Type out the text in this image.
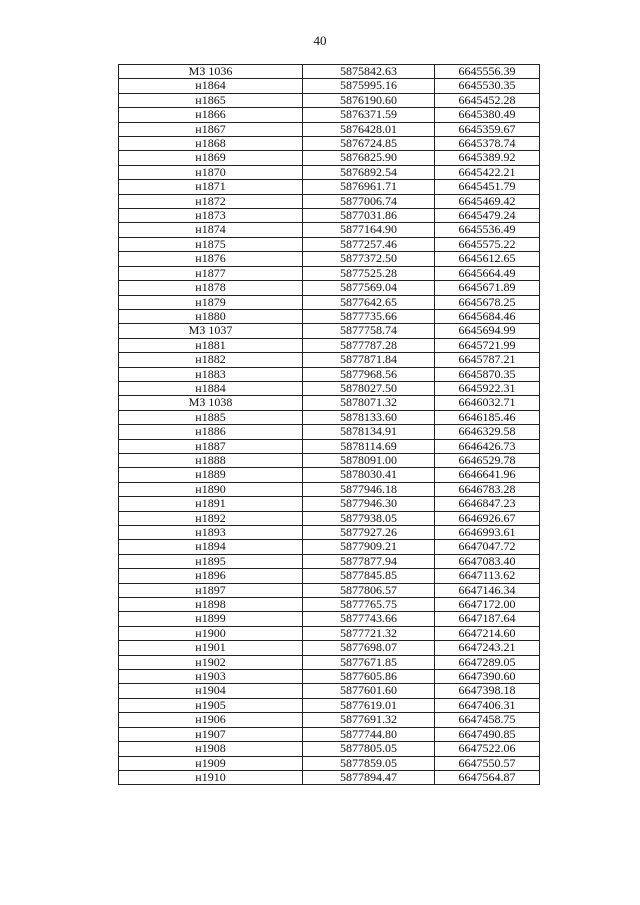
40
МЗ 1036	5875842.63	6645556.39
н1864	5875995.16	6645530.35
н1865	5876190.60	6645452.28
н1866	5876371.59	6645380.49
н1867	5876428.01	6645359.67
н1868	5876724.85	6645378.74
н1869	5876825.90	6645389.92
н1870	5876892.54	6645422.21
н1871	5876961.71	6645451.79
н1872	5877006.74	6645469.42
н1873	5877031.86	6645479.24
н1874	5877164.90	6645536.49
н1875	5877257.46	6645575.22
н1876	5877372.50	6645612.65
н1877	5877525.28	6645664.49
н1878	5877569.04	6645671.89
н1879	5877642.65	6645678.25
н1880	5877735.66	6645684.46
МЗ 1037	5877758.74	6645694.99
н1881	5877787.28	6645721.99
н1882	5877871.84	6645787.21
н1883	5877968.56	6645870.35
н1884	5878027.50	6645922.31
МЗ 1038	5878071.32	6646032.71
н1885	5878133.60	6646185.46
н1886	5878134.91	6646329.58
н1887	5878114.69	6646426.73
н1888	5878091.00	6646529.78
н1889	5878030.41	6646641.96
н1890	5877946.18	6646783.28
н1891	5877946.30	6646847.23
н1892	5877938.05	6646926.67
н1893	5877927.26	6646993.61
н1894	5877909.21	6647047.72
н1895	5877877.94	6647083.40
н1896	5877845.85	6647113.62
н1897	5877806.57	6647146.34
н1898	5877765.75	6647172.00
н1899	5877743.66	6647187.64
н1900	5877721.32	6647214.60
н1901	5877698.07	6647243.21
н1902	5877671.85	6647289.05
н1903	5877605.86	6647390.60
н1904	5877601.60	6647398.18
н1905	5877619.01	6647406.31
н1906	5877691.32	6647458.75
н1907	5877744.80	6647490.85
н1908	5877805.05	6647522.06
н1909	5877859.05	6647550.57
н1910	5877894.47	6647564.87
